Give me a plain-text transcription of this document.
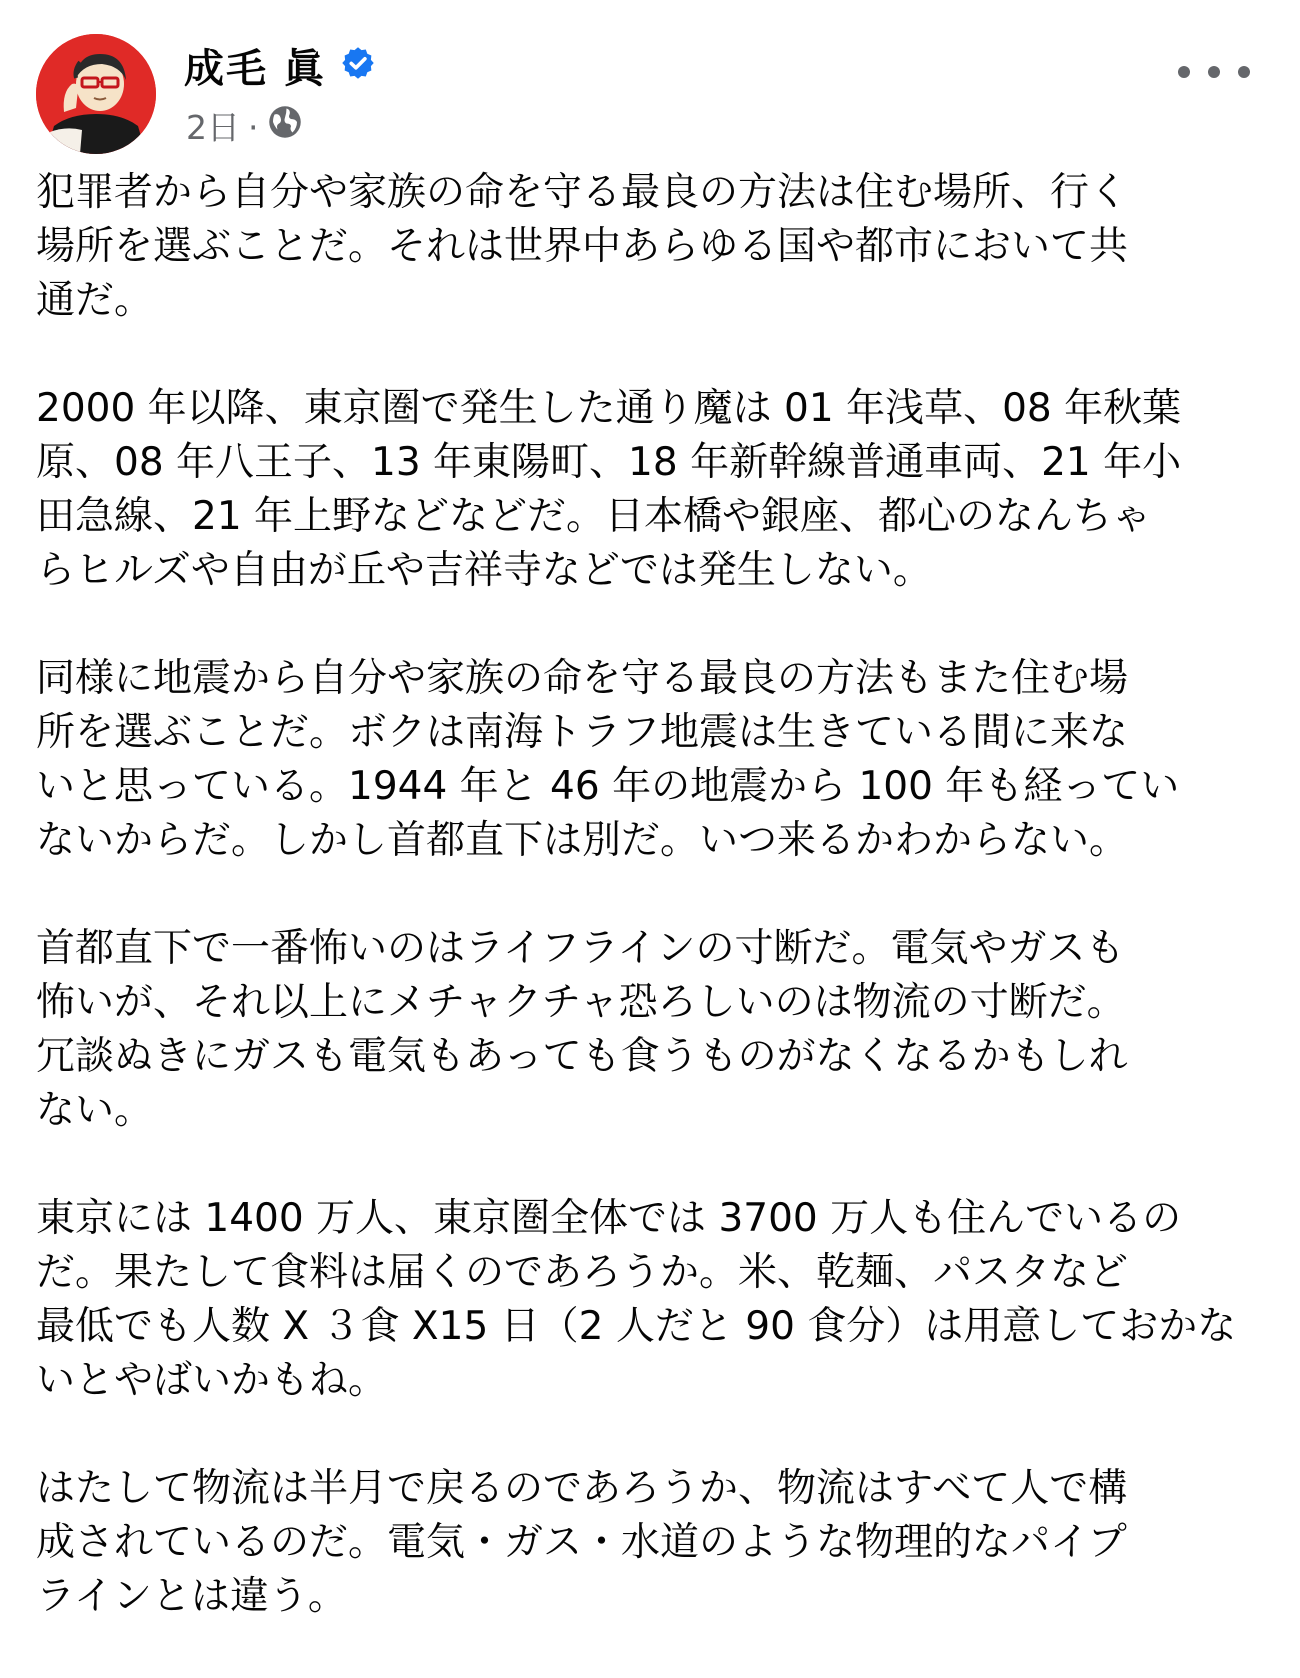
成毛 眞
2日 ·
犯罪者から自分や家族の命を守る最良の方法は住む場所、行く
場所を選ぶことだ。それは世界中あらゆる国や都市において共
通だ。
2000 年以降、東京圏で発生した通り魔は 01 年浅草、08 年秋葉
原、08 年八王子、13 年東陽町、18 年新幹線普通車両、21 年小
田急線、21 年上野などなどだ。日本橋や銀座、都心のなんちゃ
らヒルズや自由が丘や吉祥寺などでは発生しない。
同様に地震から自分や家族の命を守る最良の方法もまた住む場
所を選ぶことだ。ボクは南海トラフ地震は生きている間に来な
いと思っている。1944 年と 46 年の地震から 100 年も経ってい
ないからだ。しかし首都直下は別だ。いつ来るかわからない。
首都直下で一番怖いのはライフラインの寸断だ。電気やガスも
怖いが、それ以上にメチャクチャ恐ろしいのは物流の寸断だ。
冗談ぬきにガスも電気もあっても食うものがなくなるかもしれ
ない。
東京には 1400 万人、東京圏全体では 3700 万人も住んでいるの
だ。果たして食料は届くのであろうか。米、乾麺、パスタなど
最低でも人数 X ３食 X15 日（2 人だと 90 食分）は用意しておかな
いとやばいかもね。
はたして物流は半月で戻るのであろうか、物流はすべて人で構
成されているのだ。電気・ガス・水道のような物理的なパイプ
ラインとは違う。
